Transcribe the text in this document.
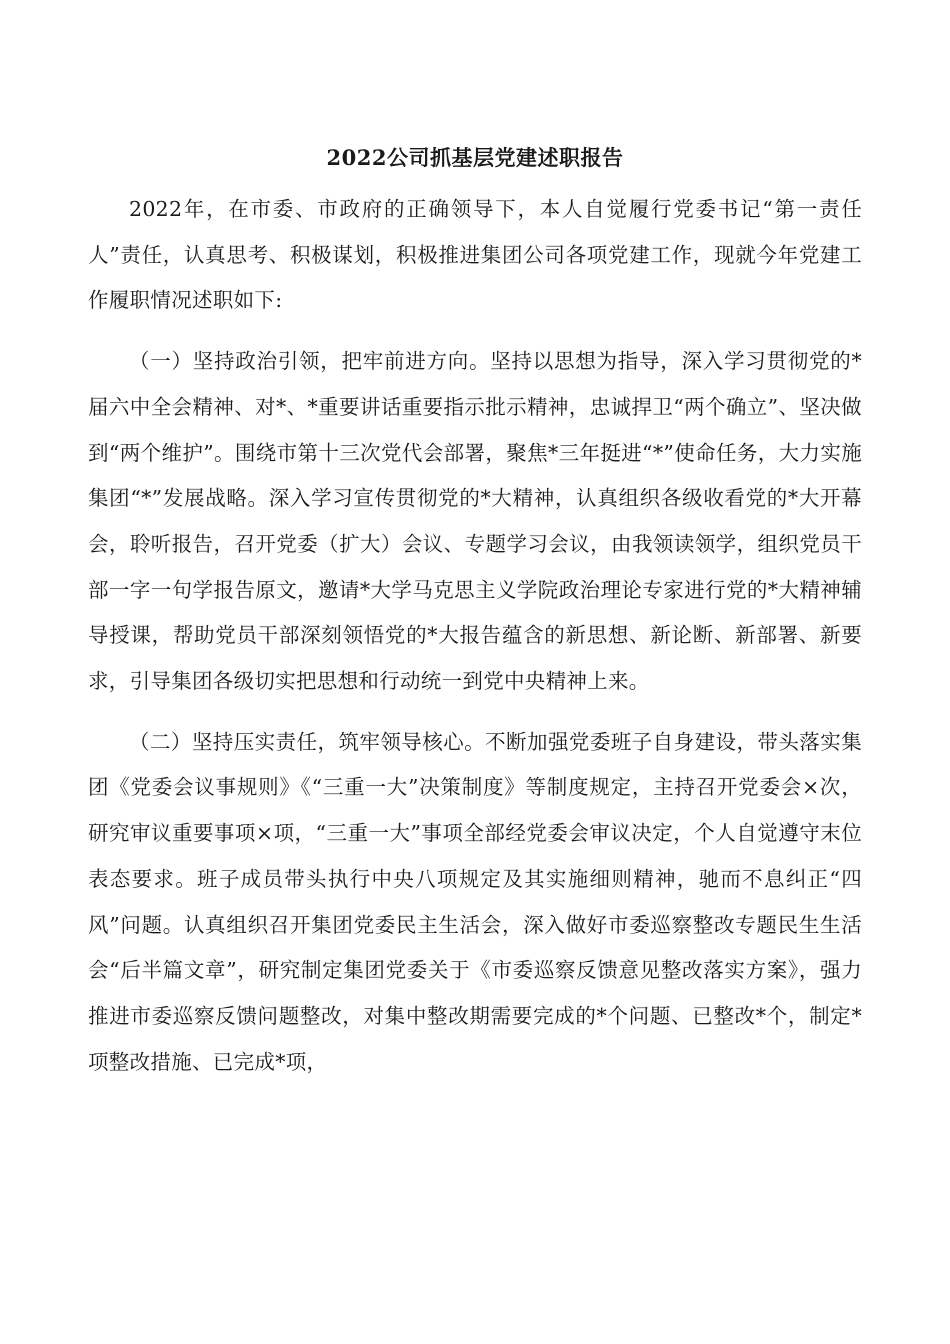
2022公司抓基层党建述职报告

2022年，在市委、市政府的正确领导下，本人自觉履行党委书记“第一责任人”责任，认真思考、积极谋划，积极推进集团公司各项党建工作，现就今年党建工作履职情况述职如下:

（一）坚持政治引领，把牢前进方向。坚持以思想为指导，深入学习贯彻党的*届六中全会精神、对*、*重要讲话重要指示批示精神，忠诚捍卫“两个确立”、坚决做到“两个维护”。围绕市第十三次党代会部署，聚焦*三年挺进“*”使命任务，大力实施集团“*”发展战略。深入学习宣传贯彻党的*大精神，认真组织各级收看党的*大开幕会，聆听报告，召开党委（扩大）会议、专题学习会议，由我领读领学，组织党员干部一字一句学报告原文，邀请*大学马克思主义学院政治理论专家进行党的*大精神辅导授课，帮助党员干部深刻领悟党的*大报告蕴含的新思想、新论断、新部署、新要求，引导集团各级切实把思想和行动统一到党中央精神上来。

（二）坚持压实责任，筑牢领导核心。不断加强党委班子自身建设，带头落实集团《党委会议事规则》《“三重一大”决策制度》等制度规定，主持召开党委会×次，研究审议重要事项×项，“三重一大”事项全部经党委会审议决定，个人自觉遵守末位表态要求。班子成员带头执行中央八项规定及其实施细则精神，驰而不息纠正“四风”问题。认真组织召开集团党委民主生活会，深入做好市委巡察整改专题民生生活会“后半篇文章”，研究制定集团党委关于《市委巡察反馈意见整改落实方案》，强力推进市委巡察反馈问题整改，对集中整改期需要完成的*个问题、已整改*个，制定*项整改措施、已完成*项，
